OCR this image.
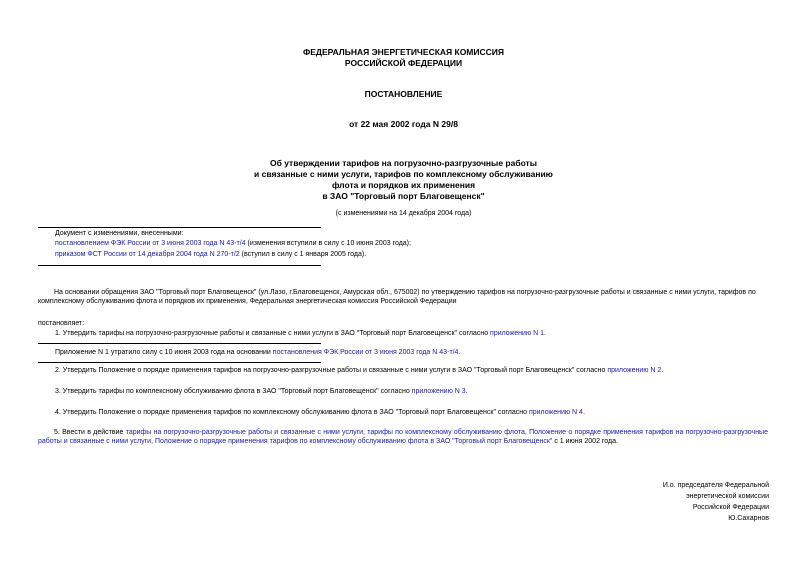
ФЕДЕРАЛЬНАЯ ЭНЕРГЕТИЧЕСКАЯ КОМИССИЯ
РОССИЙСКОЙ ФЕДЕРАЦИИ
ПОСТАНОВЛЕНИЕ
от 22 мая 2002 года N 29/8
Об утверждении тарифов на погрузочно-разгрузочные работы
и связанные с ними услуги, тарифов по комплексному обслуживанию
флота и порядков их применения
в ЗАО "Торговый порт Благовещенск"
(с изменениями на 14 декабря 2004 года)
Документ с изменениями, внесенными:
постановлением ФЭК России от 3 июня 2003 года N 43-т/4 (изменения вступили в силу с 10 июня 2003 года);
приказом ФСТ России от 14 декабря 2004 года N 270-т/2 (вступил в силу с 1 января 2005 года).
На основании обращения ЗАО "Торговый порт Благовещенск" (ул.Лазо, г.Благовещенск, Амурская обл., 675002) по утверждению тарифов на погрузочно-разгрузочные работы и связанные с ними услуги, тарифов по комплексному обслуживанию флота и порядков их применения, Федеральная энергетическая комиссия Российской Федерации
постановляет:
1. Утвердить тарифы на погрузочно-разгрузочные работы и связанные с ними услуги в ЗАО "Торговый порт Благовещенск" согласно приложению N 1.
Приложение N 1 утратило силу с 10 июня 2003 года на основании постановления ФЭК России от 3 июня 2003 года N 43-т/4.
2. Утвердить Положение о порядке применения тарифов на погрузочно-разгрузочные работы и связанные с ними услуги в ЗАО "Торговый порт Благовещенск" согласно приложению N 2.
3. Утвердить тарифы по комплексному обслуживанию флота в ЗАО "Торговый порт Благовещенск" согласно приложению N 3.
4. Утвердить Положение о порядке применения тарифов по комплексному обслуживанию флота в ЗАО "Торговый порт Благовещенск" согласно приложению N 4.
5. Ввести в действие тарифы на погрузочно-разгрузочные работы и связанные с ними услуги, тарифы по комплексному обслуживанию флота, Положение о порядке применения тарифов на погрузочно-разгрузочные работы и связанные с ними услуги, Положение о порядке применения тарифов по комплексному обслуживанию флота в ЗАО "Торговый порт Благовещенск" с 1 июня 2002 года.
И.о. председателя Федеральной
энергетической комиссии
Российской Федерации
Ю.Сахарнов
